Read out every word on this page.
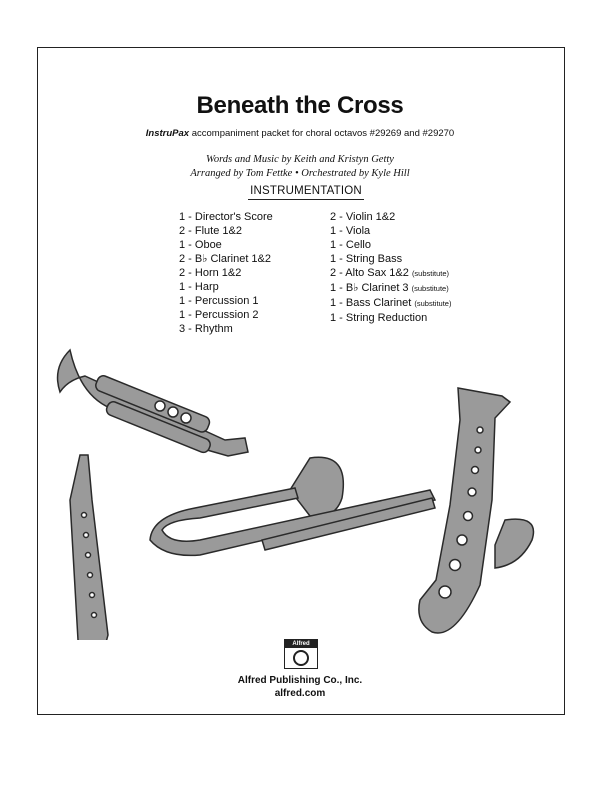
Beneath the Cross
InstruPax accompaniment packet for choral octavos #29269 and #29270
Words and Music by Keith and Kristyn Getty
Arranged by Tom Fettke • Orchestrated by Kyle Hill
INSTRUMENTATION
1 - Director's Score
2 - Flute 1&2
1 - Oboe
2 - B♭ Clarinet 1&2
2 - Horn 1&2
1 - Harp
1 - Percussion 1
1 - Percussion 2
3 - Rhythm
2 - Violin 1&2
1 - Viola
1 - Cello
1 - String Bass
2 - Alto Sax 1&2 (substitute)
1 - B♭ Clarinet 3 (substitute)
1 - Bass Clarinet (substitute)
1 - String Reduction
Alfred
Alfred Publishing Co., Inc.
alfred.com
